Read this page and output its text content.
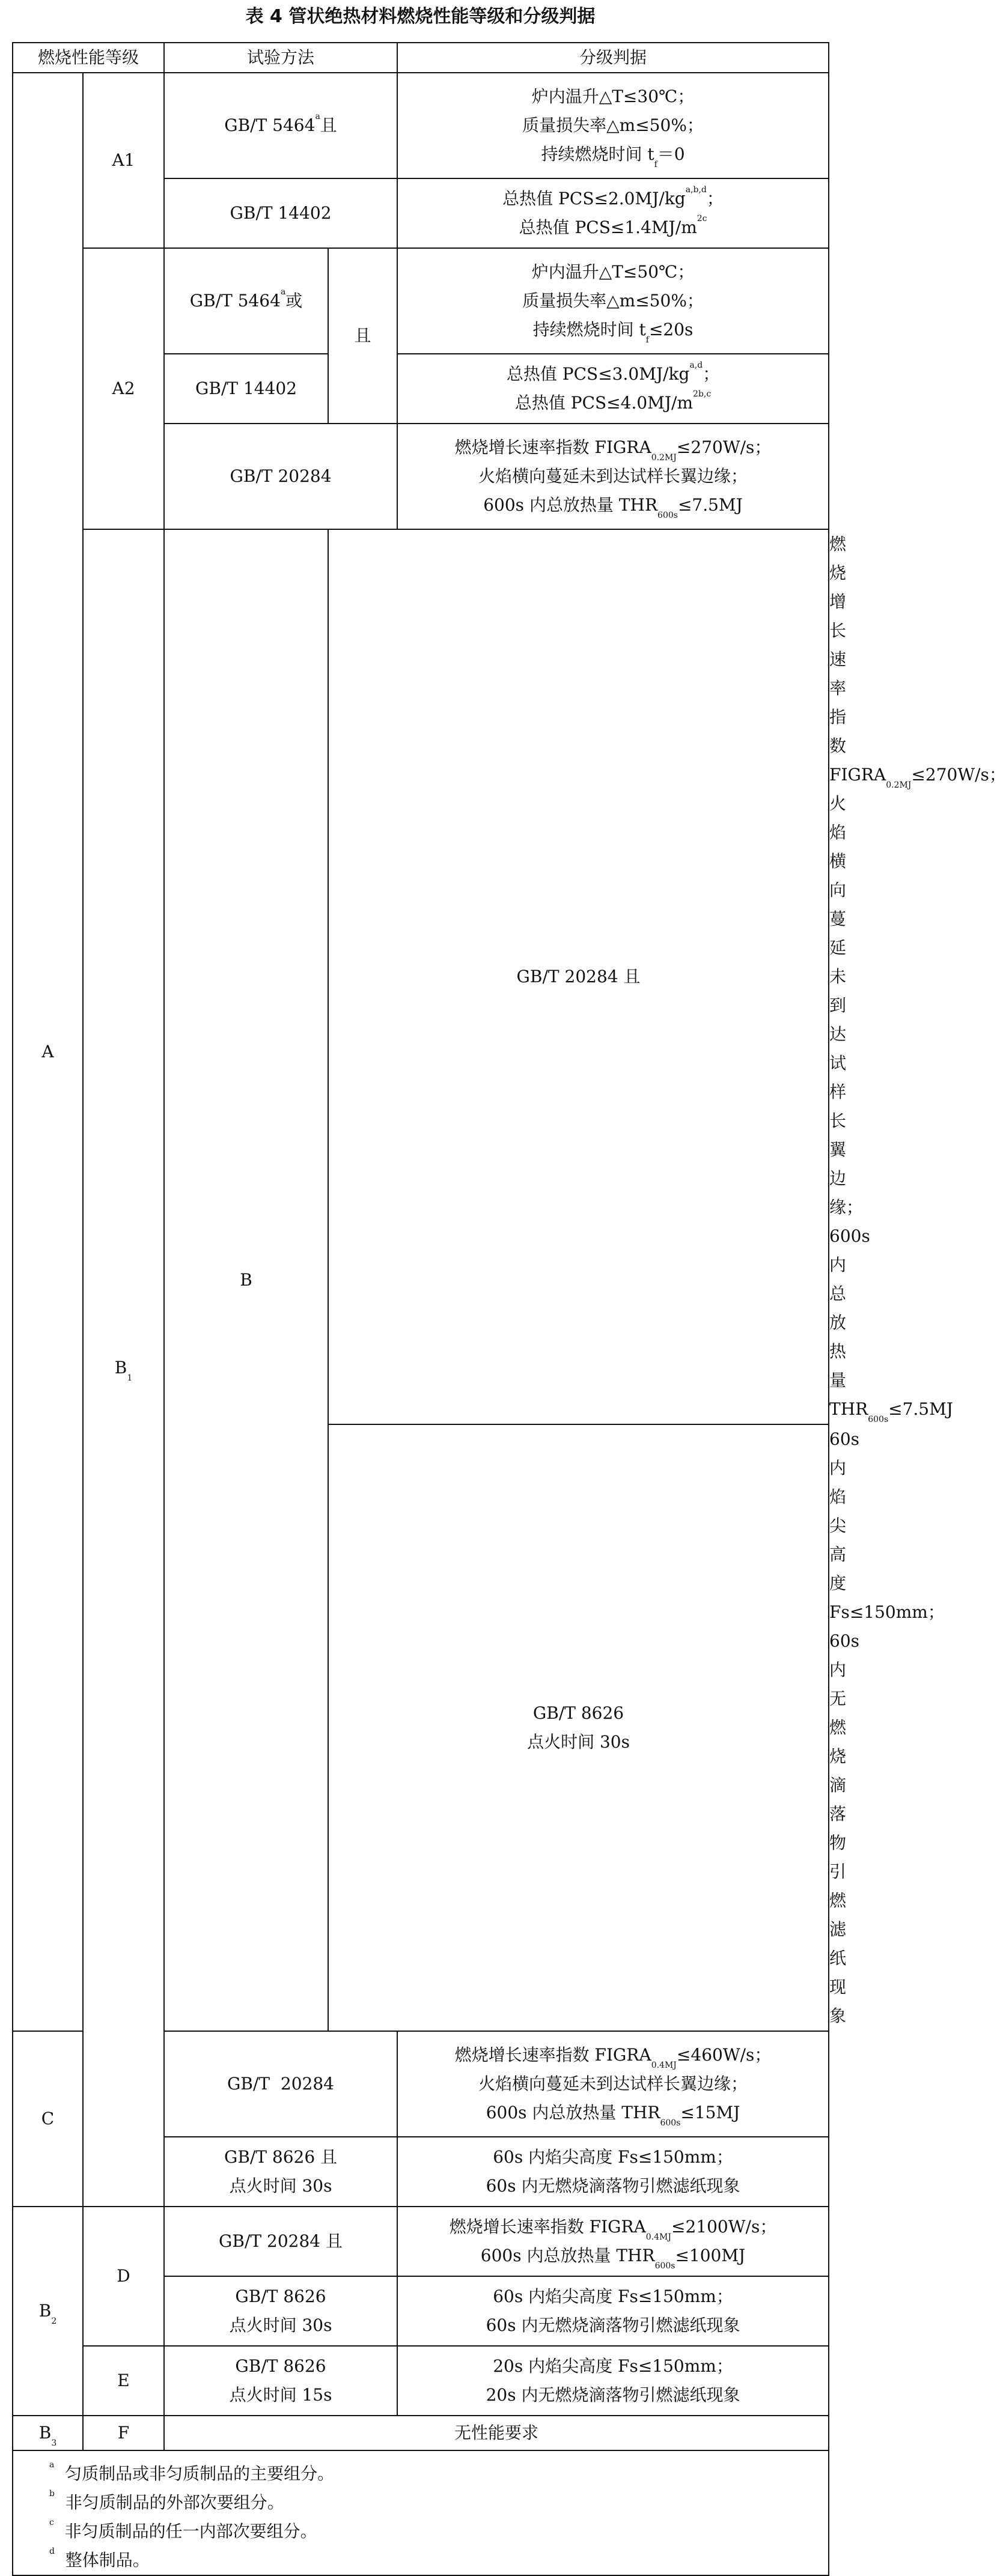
表 4 管状绝热材料燃烧性能等级和分级判据
燃烧性能等级		试验方法		分级判据	
A	A1	GB/T 5464$^a$且		炉内温升△T≤30℃；
质量损失率△m≤50%；
持续燃烧时间 tf＝0	

		GB/T 14402		总热值 PCS≤2.0MJ/kg$^{a,b,d}$；
总热值 $PCS\le 1.4MJ/m^{2c}$

	A2	GB/T 5464$^a$或	且	炉内温升△T≤50℃；
质量损失率△m≤50%；
持续燃烧时间 tf≤20s	

		GB/T 14402		总热值 PCS≤3.0MJ/kg$^{a,d}$；
总热值 $PCS\le 4.0MJ/m^{2b,c}$

		GB/T 20284		燃烧增长速率指数 FIGRA0.2MJ≤270W/s；
火焰横向蔓延未到达试样长翼边缘；
600s 内总放热量 THR600s≤7.5MJ	

	B1	B	GB/T 20284 且		燃烧增长速率指数 FIGRA0.2MJ≤270W/s；
火焰横向蔓延未到达试样长翼边缘；
600s 内总放热量 THR600s≤7.5MJ

			GB/T 8626
点火时间 30s		60s 内焰尖高度 Fs≤150mm；
60s 内无燃烧滴落物引燃滤纸现象

C		GB/T  20284		燃烧增长速率指数 FIGRA0.4MJ≤460W/s；
火焰横向蔓延未到达试样长翼边缘；
600s 内总放热量 THR600s≤15MJ	

		GB/T 8626 且
点火时间 30s		60s 内焰尖高度 Fs≤150mm；
60s 内无燃烧滴落物引燃滤纸现象	

B2	D	GB/T 20284 且		燃烧增长速率指数 FIGRA0.4MJ≤2100W/s；
600s 内总放热量 THR600s≤100MJ	

		GB/T 8626
点火时间 30s		60s 内焰尖高度 Fs≤150mm；
60s 内无燃烧滴落物引燃滤纸现象	

	E	GB/T 8626
点火时间 15s		20s 内焰尖高度 Fs≤150mm；
20s 内无燃烧滴落物引燃滤纸现象	

B3	F	无性能要求			

$^a$  匀质制品或非匀质制品的主要组分。
$^b$  非匀质制品的外部次要组分。
$^c$  非匀质制品的任一内部次要组分。
$^d$  整体制品。					
